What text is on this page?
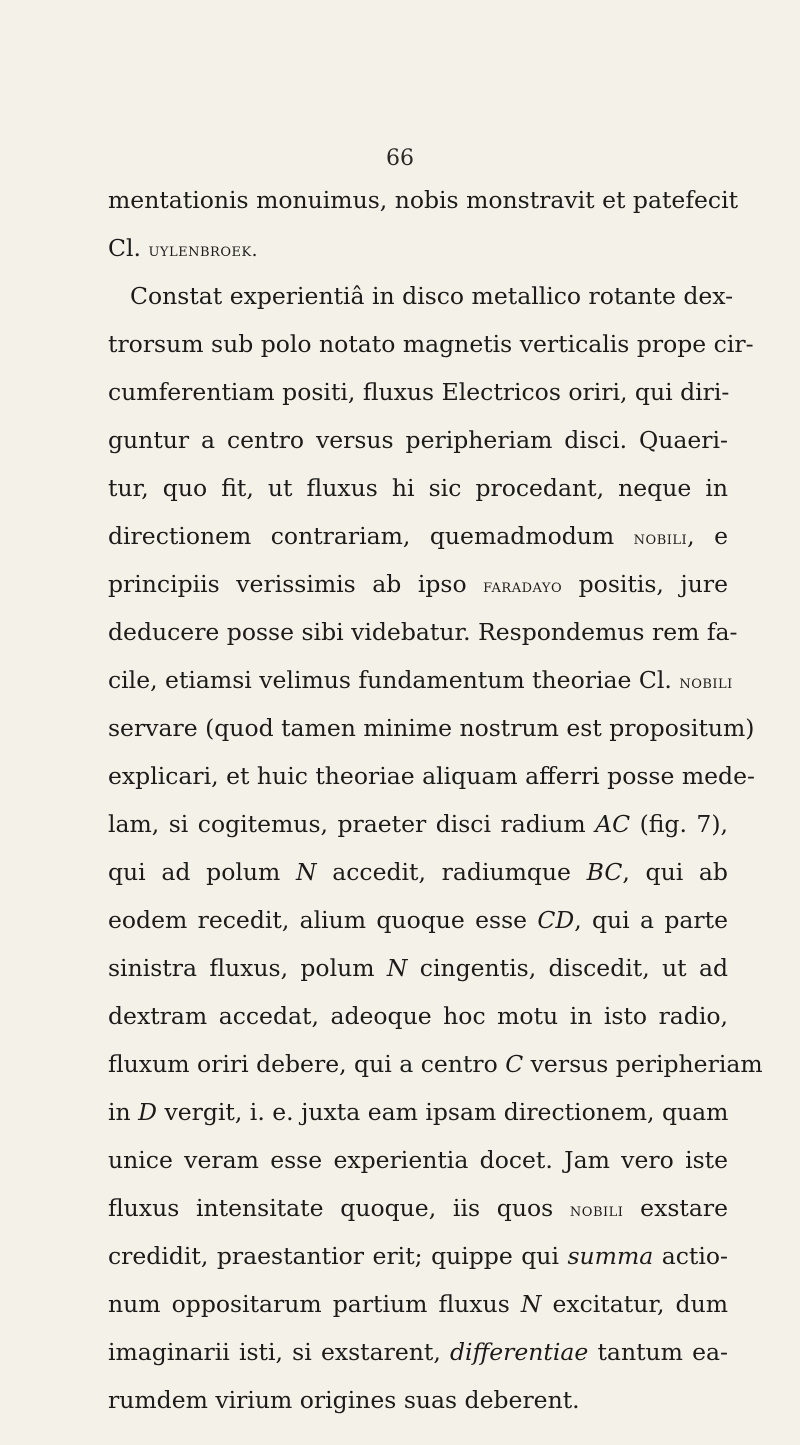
66
mentationis monuimus, nobis monstravit et patefecit
Cl. uylenbroek.
Constat experientiâ in disco metallico rotante dex-
trorsum sub polo notato magnetis verticalis prope cir-
cumferentiam positi, fluxus Electricos oriri, qui diri-
guntur a centro versus peripheriam disci. Quaeri-
tur, quo fit, ut fluxus hi sic procedant, neque in
directionem contrariam, quemadmodum nobili, e
principiis verissimis ab ipso faradayo positis, jure
deducere posse sibi videbatur. Respondemus rem fa-
cile, etiamsi velimus fundamentum theoriae Cl. nobili
servare (quod tamen minime nostrum est propositum)
explicari, et huic theoriae aliquam afferri posse mede-
lam, si cogitemus, praeter disci radium AC (fig. 7),
qui ad polum N accedit, radiumque BC, qui ab
eodem recedit, alium quoque esse CD, qui a parte
sinistra fluxus, polum N cingentis, discedit, ut ad
dextram accedat, adeoque hoc motu in isto radio,
fluxum oriri debere, qui a centro C versus peripheriam
in D vergit, i. e. juxta eam ipsam directionem, quam
unice veram esse experientia docet. Jam vero iste
fluxus intensitate quoque, iis quos nobili exstare
credidit, praestantior erit; quippe qui summa actio-
num oppositarum partium fluxus N excitatur, dum
imaginarii isti, si exstarent, differentiae tantum ea-
rumdem virium origines suas deberent.
